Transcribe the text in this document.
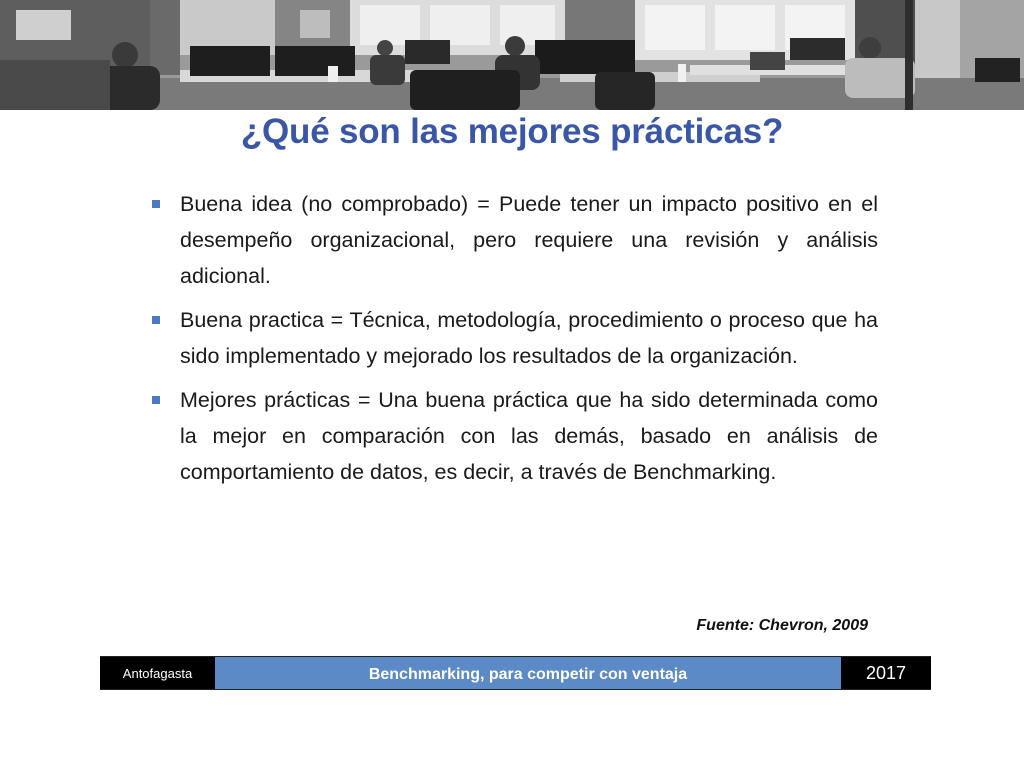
¿Qué son las mejores prácticas?
Buena idea (no comprobado) = Puede tener un impacto positivo en el desempeño organizacional, pero requiere una revisión y análisis adicional.
Buena practica = Técnica, metodología, procedimiento o proceso que ha sido implementado y mejorado los resultados de la organización.
Mejores prácticas = Una buena práctica que ha sido determinada como la mejor en comparación con las demás, basado en análisis de comportamiento de datos, es decir, a través de Benchmarking.
Fuente: Chevron, 2009
Antofagasta	Benchmarking, para competir con ventaja	2017
